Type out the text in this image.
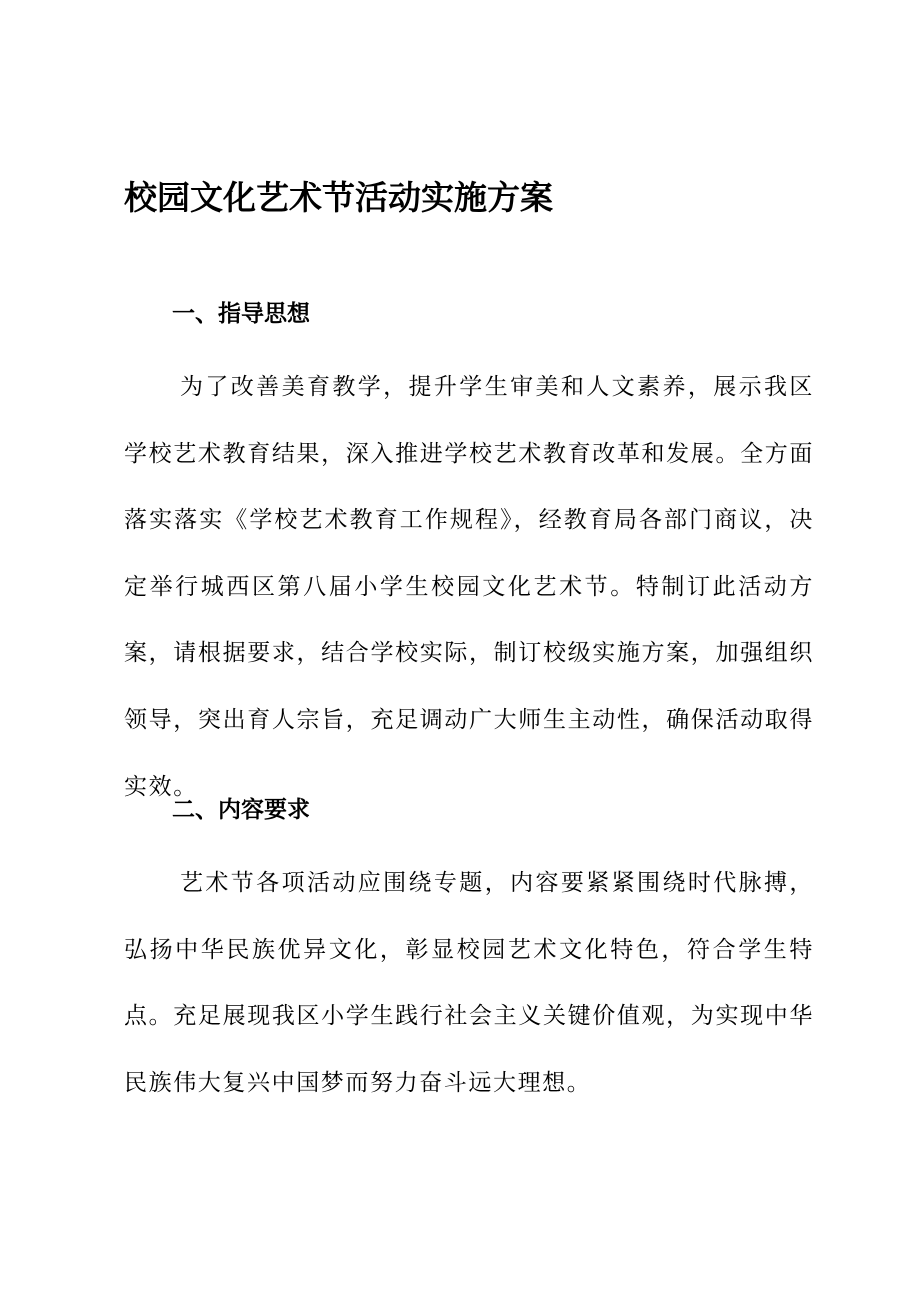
校园文化艺术节活动实施方案
一、指导思想

为了改善美育教学，提升学生审美和人文素养，展示我区学校艺术教育结果，深入推进学校艺术教育改革和发展。全方面落实落实《学校艺术教育工作规程》，经教育局各部门商议，决定举行城西区第八届小学生校园文化艺术节。特制订此活动方案，请根据要求，结合学校实际，制订校级实施方案，加强组织领导，突出育人宗旨，充足调动广大师生主动性，确保活动取得实效。

二、内容要求

艺术节各项活动应围绕专题，内容要紧紧围绕时代脉搏，弘扬中华民族优异文化，彰显校园艺术文化特色，符合学生特点。充足展现我区小学生践行社会主义关键价值观，为实现中华民族伟大复兴中国梦而努力奋斗远大理想。
